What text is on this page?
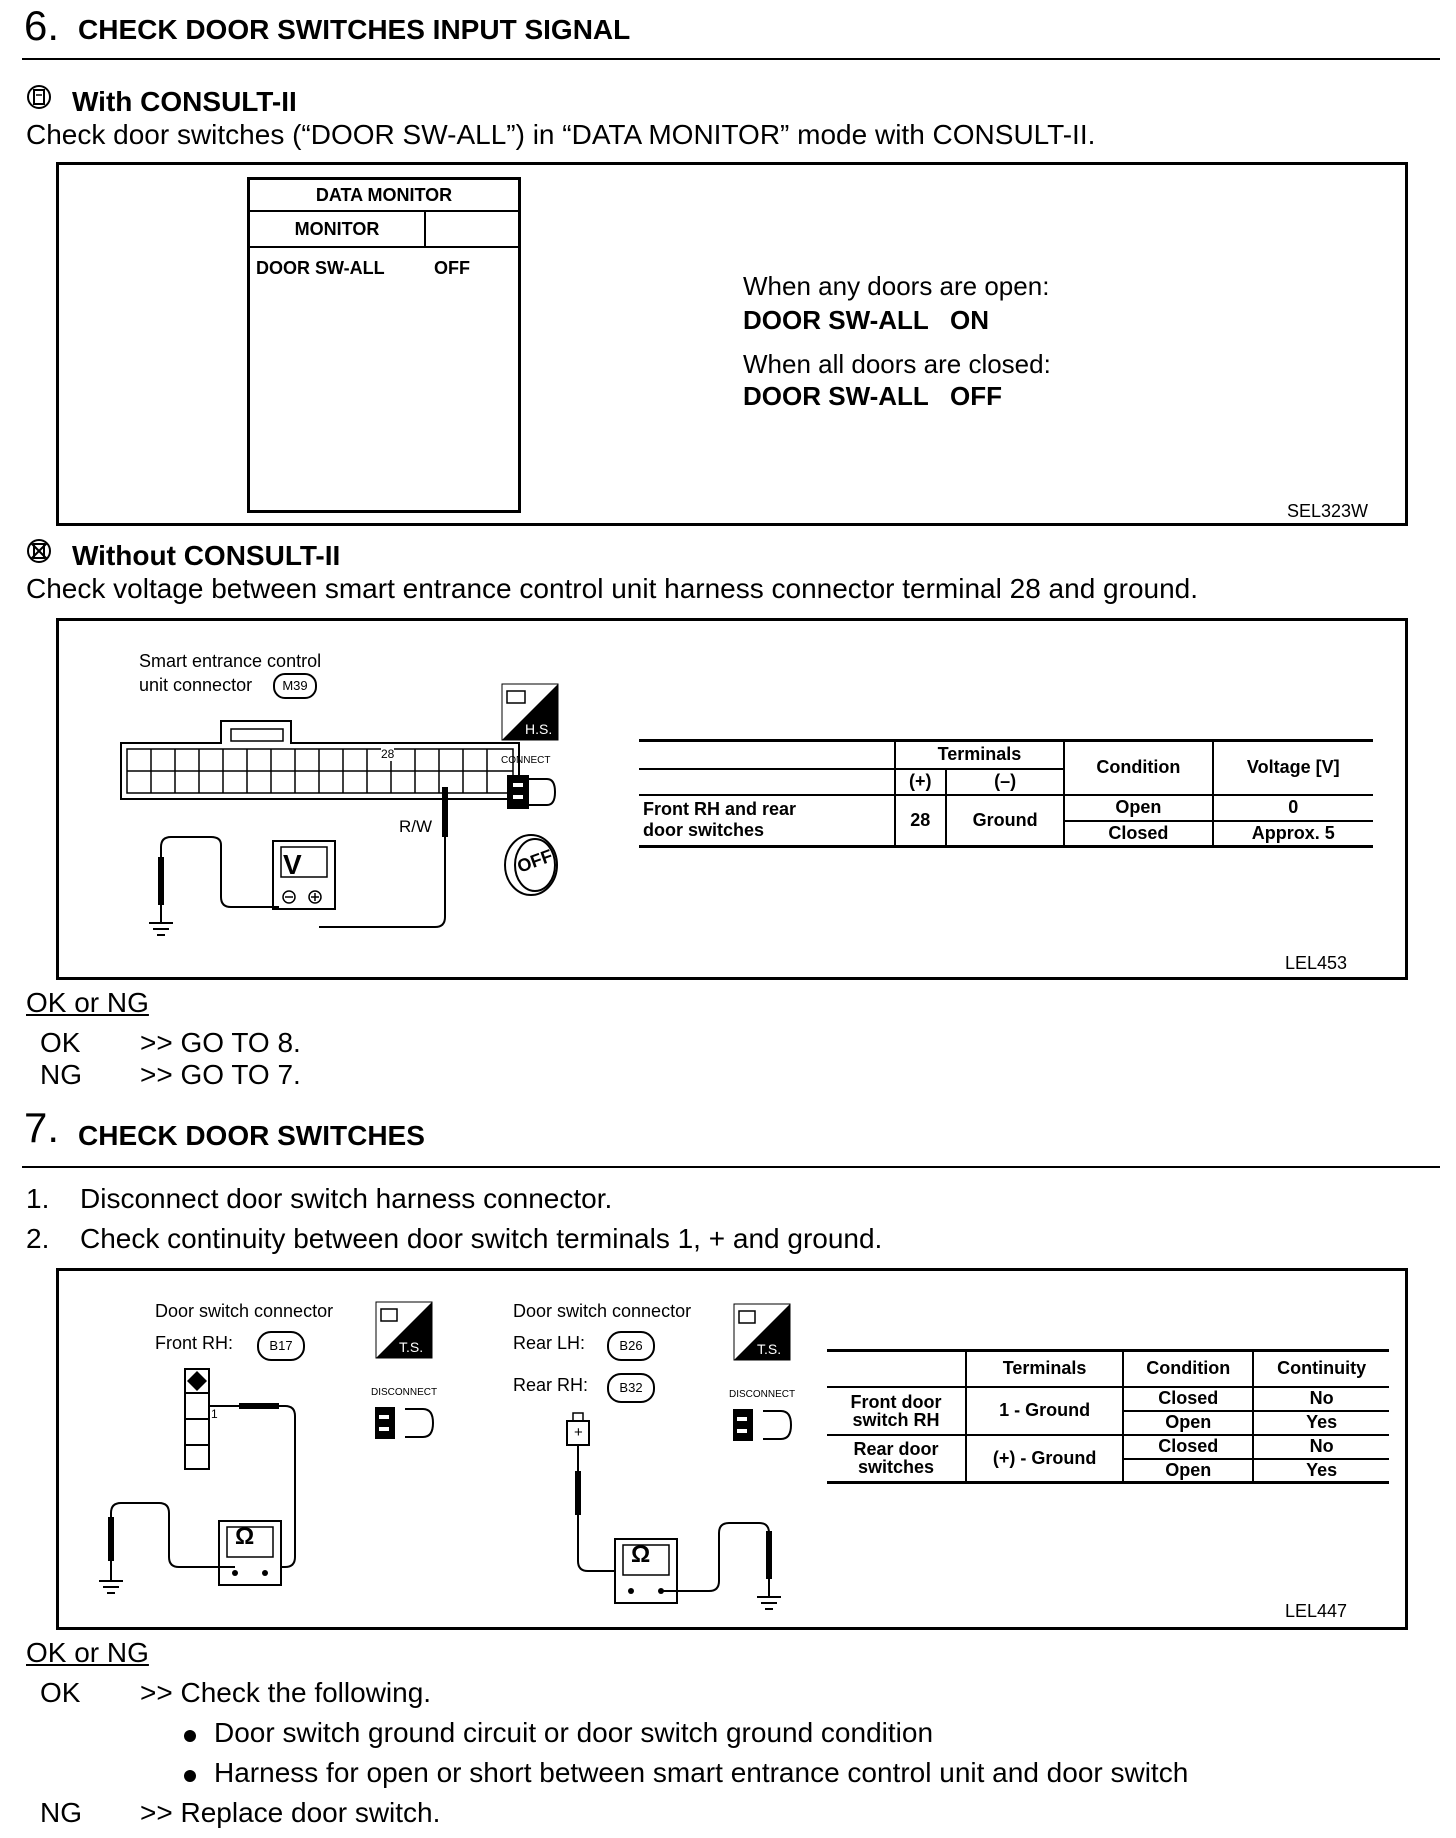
6. CHECK DOOR SWITCHES INPUT SIGNAL
With CONSULT-II
Check door switches (“DOOR SW-ALL”) in “DATA MONITOR” mode with CONSULT-II.
DATA MONITOR
MONITOR
DOOR SW-ALL	OFF
When any doors are open:
DOOR SW-ALL   ON
When all doors are closed:
DOOR SW-ALL   OFF
SEL323W
Without CONSULT-II
Check voltage between smart entrance control unit harness connector terminal 28 and ground.
Smart entrance control
unit connector	M39
28
R/W
V
H.S.
CONNECT
OFF
	Terminals		Condition	Voltage [V]
	(+)	(–)		

Front RH and rear
door switches	28	Ground	Open	0
			Closed	Approx. 5
LEL453
OK or NG
OK >> GO TO 8.
NG >> GO TO 7.
7. CHECK DOOR SWITCHES
1. Disconnect door switch harness connector.
2. Check continuity between door switch terminals 1, + and ground.
Door switch connector
Front RH:	B17	T.S.
DISCONNECT
1
Ω
Door switch connector
Rear LH:	B26
Rear RH:	B32
T.S.
DISCONNECT
+
Ω
	Terminals	Condition	Continuity

Front door
switch RH	1 - Ground	Closed	No
		Open	Yes

Rear door
switches	(+) - Ground	Closed	No
		Open	Yes
LEL447
OK or NG
OK >> Check the following.
Door switch ground circuit or door switch ground condition
Harness for open or short between smart entrance control unit and door switch
NG >> Replace door switch.
